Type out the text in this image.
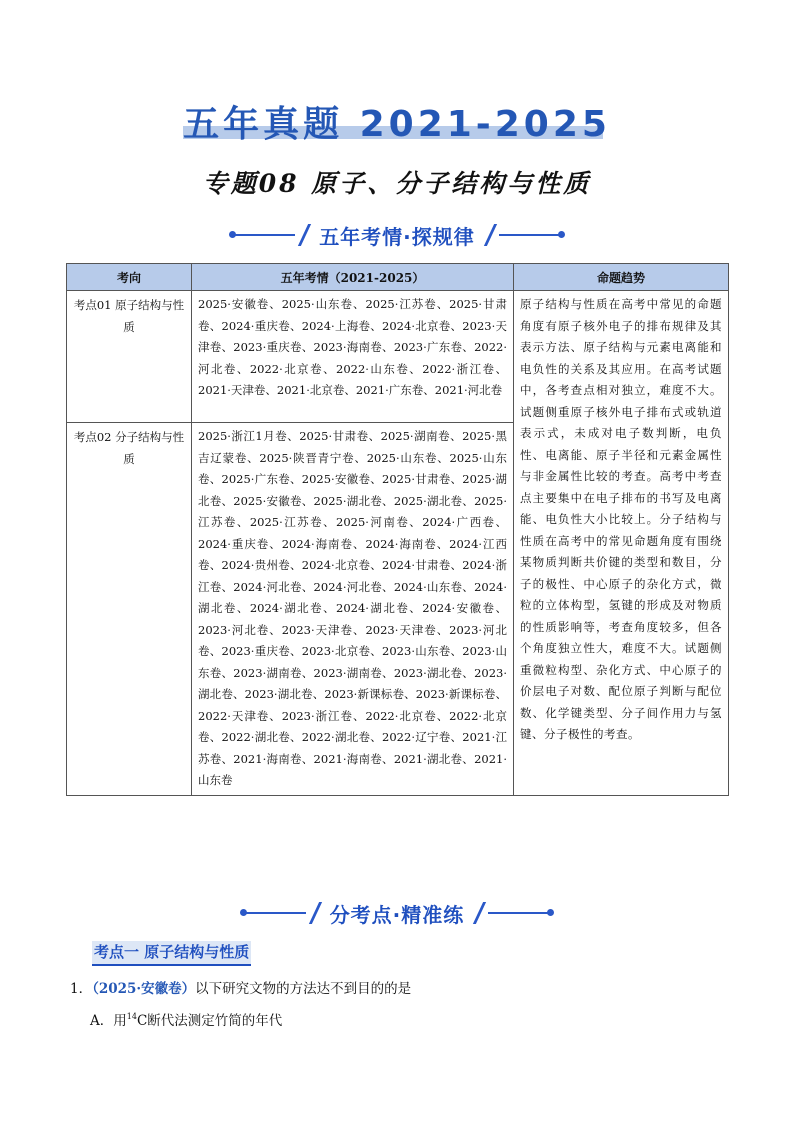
五年真题 2021-2025
专题08 原子、分子结构与性质
五年考情·探规律
考向	五年考情（2021-2025）	命题趋势
考点01 原子结构与性质	2025·安徽卷、2025·山东卷、2025·江苏卷、2025·甘肃卷、2024·重庆卷、2024·上海卷、2024·北京卷、2023·天津卷、2023·重庆卷、2023·海南卷、2023·广东卷、2022·河北卷、2022·北京卷、2022·山东卷、2022·浙江卷、2021·天津卷、2021·北京卷、2021·广东卷、2021·河北卷	原子结构与性质在高考中常见的命题角度有原子核外电子的排布规律及其表示方法、原子结构与元素电离能和电负性的关系及其应用。在高考试题中，各考查点相对独立，难度不大。试题侧重原子核外电子排布式或轨道表示式，未成对电子数判断，电负性、电离能、原子半径和元素金属性与非金属性比较的考查。高考中考查点主要集中在电子排布的书写及电离能、电负性大小比较上。分子结构与性质在高考中的常见命题角度有围绕某物质判断共价键的类型和数目，分子的极性、中心原子的杂化方式，微粒的立体构型，氢键的形成及对物质的性质影响等，考查角度较多，但各个角度独立性大，难度不大。试题侧重微粒构型、杂化方式、中心原子的价层电子对数、配位原子判断与配位数、化学键类型、分子间作用力与氢键、分子极性的考查。
考点02 分子结构与性质	2025·浙江1月卷、2025·甘肃卷、2025·湖南卷、2025·黑吉辽蒙卷、2025·陕晋青宁卷、2025·山东卷、2025·山东卷、2025·广东卷、2025·安徽卷、2025·甘肃卷、2025·湖北卷、2025·安徽卷、2025·湖北卷、2025·湖北卷、2025·江苏卷、2025·江苏卷、2025·河南卷、2024·广西卷、2024·重庆卷、2024·海南卷、2024·海南卷、2024·江西卷、2024·贵州卷、2024·北京卷、2024·甘肃卷、2024·浙江卷、2024·河北卷、2024·河北卷、2024·山东卷、2024·湖北卷、2024·湖北卷、2024·湖北卷、2024·安徽卷、2023·河北卷、2023·天津卷、2023·天津卷、2023·河北卷、2023·重庆卷、2023·北京卷、2023·山东卷、2023·山东卷、2023·湖南卷、2023·湖南卷、2023·湖北卷、2023·湖北卷、2023·湖北卷、2023·新课标卷、2023·新课标卷、2022·天津卷、2023·浙江卷、2022·北京卷、2022·北京卷、2022·湖北卷、2022·湖北卷、2022·辽宁卷、2021·江苏卷、2021·海南卷、2021·海南卷、2021·湖北卷、2021·山东卷	
分考点·精准练
考点一 原子结构与性质
1．（2025·安徽卷）以下研究文物的方法达不到目的的是
A．用$^{14}$C断代法测定竹简的年代
